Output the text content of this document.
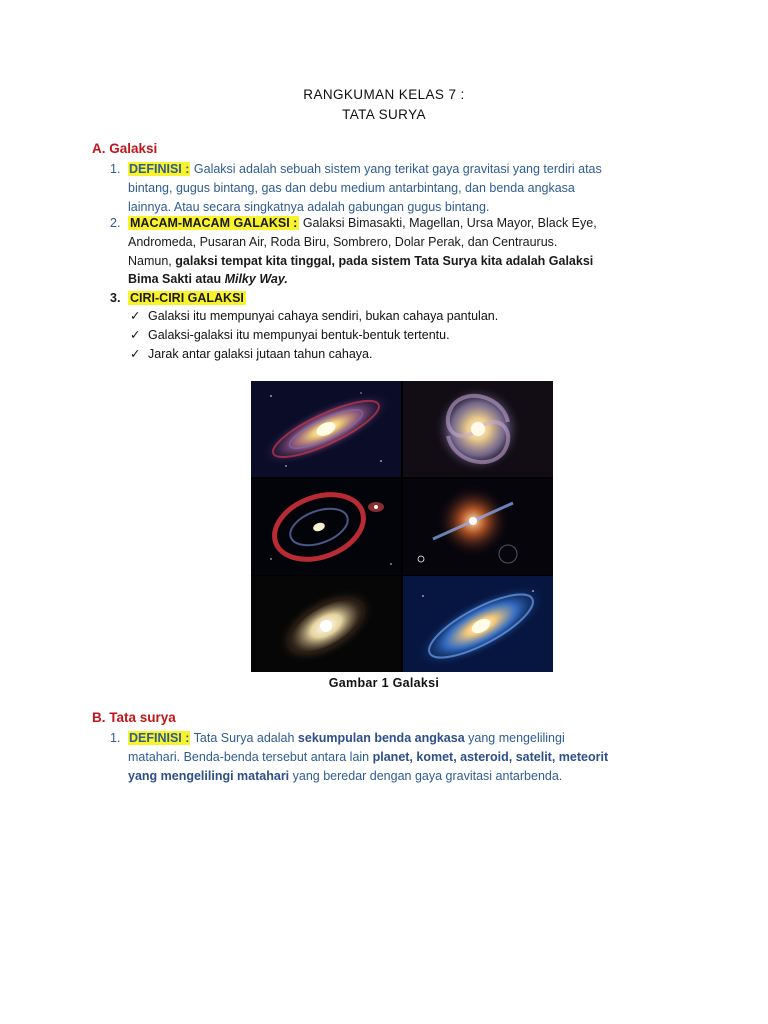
RANGKUMAN KELAS 7 :
TATA SURYA
A. Galaksi
1. DEFINISI : Galaksi adalah sebuah sistem yang terikat gaya gravitasi yang terdiri atas
bintang, gugus bintang, gas dan debu medium antarbintang, dan benda angkasa
lainnya. Atau secara singkatnya adalah gabungan gugus bintang.
2. MACAM-MACAM GALAKSI : Galaksi Bimasakti, Magellan, Ursa Mayor, Black Eye,
Andromeda, Pusaran Air, Roda Biru, Sombrero, Dolar Perak, dan Centraurus.
Namun, galaksi tempat kita tinggal, pada sistem Tata Surya kita adalah Galaksi
Bima Sakti atau Milky Way.
3. CIRI-CIRI GALAKSI
✓ Galaksi itu mempunyai cahaya sendiri, bukan cahaya pantulan.
✓ Galaksi-galaksi itu mempunyai bentuk-bentuk tertentu.
✓ Jarak antar galaksi jutaan tahun cahaya.
Gambar 1 Galaksi
B. Tata surya
1. DEFINISI : Tata Surya adalah sekumpulan benda angkasa yang mengelilingi
matahari. Benda-benda tersebut antara lain planet, komet, asteroid, satelit, meteorit
yang mengelilingi matahari yang beredar dengan gaya gravitasi antarbenda.
